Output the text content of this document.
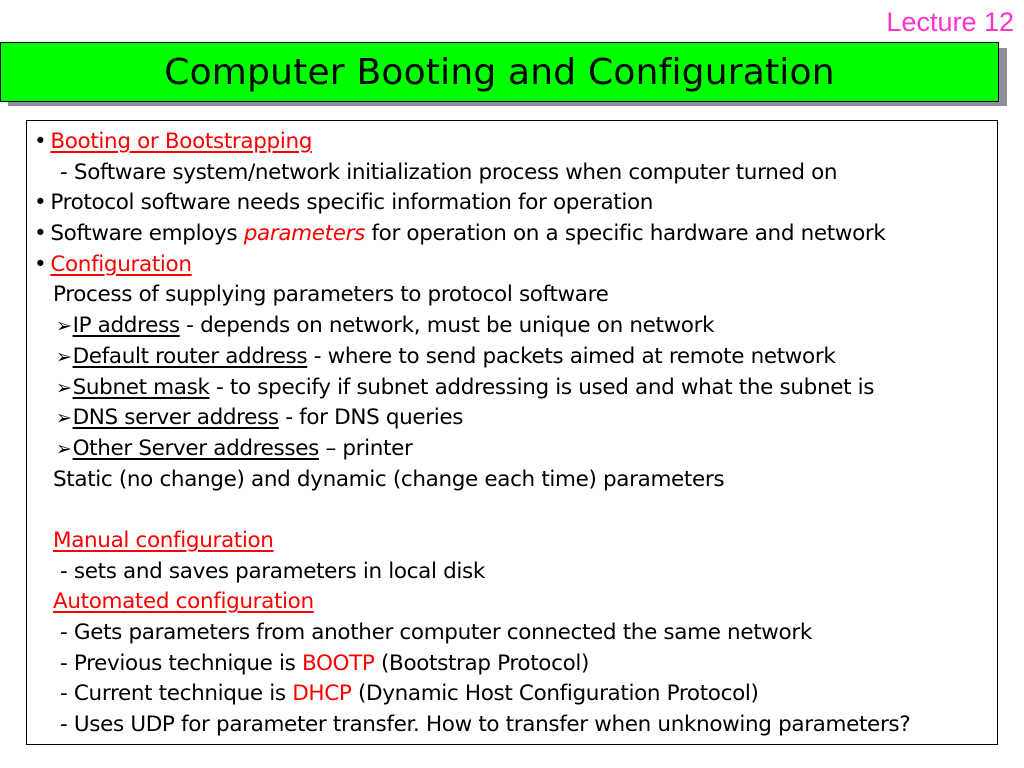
Lecture 12
Computer Booting and Configuration
• Booting or Bootstrapping
- Software system/network initialization process when computer turned on
• Protocol software needs specific information for operation
• Software employs parameters for operation on a specific hardware and network
• Configuration
Process of supplying parameters to protocol software
➢IP address - depends on network, must be unique on network
➢Default router address - where to send packets aimed at remote network
➢Subnet mask - to specify if subnet addressing is used and what the subnet is
➢DNS server address - for DNS queries
➢Other Server addresses – printer
Static (no change) and dynamic (change each time) parameters
Manual configuration
- sets and saves parameters in local disk
Automated configuration
- Gets parameters from another computer connected the same network
- Previous technique is BOOTP (Bootstrap Protocol)
- Current technique is DHCP (Dynamic Host Configuration Protocol)
- Uses UDP for parameter transfer. How to transfer when unknowing parameters?
